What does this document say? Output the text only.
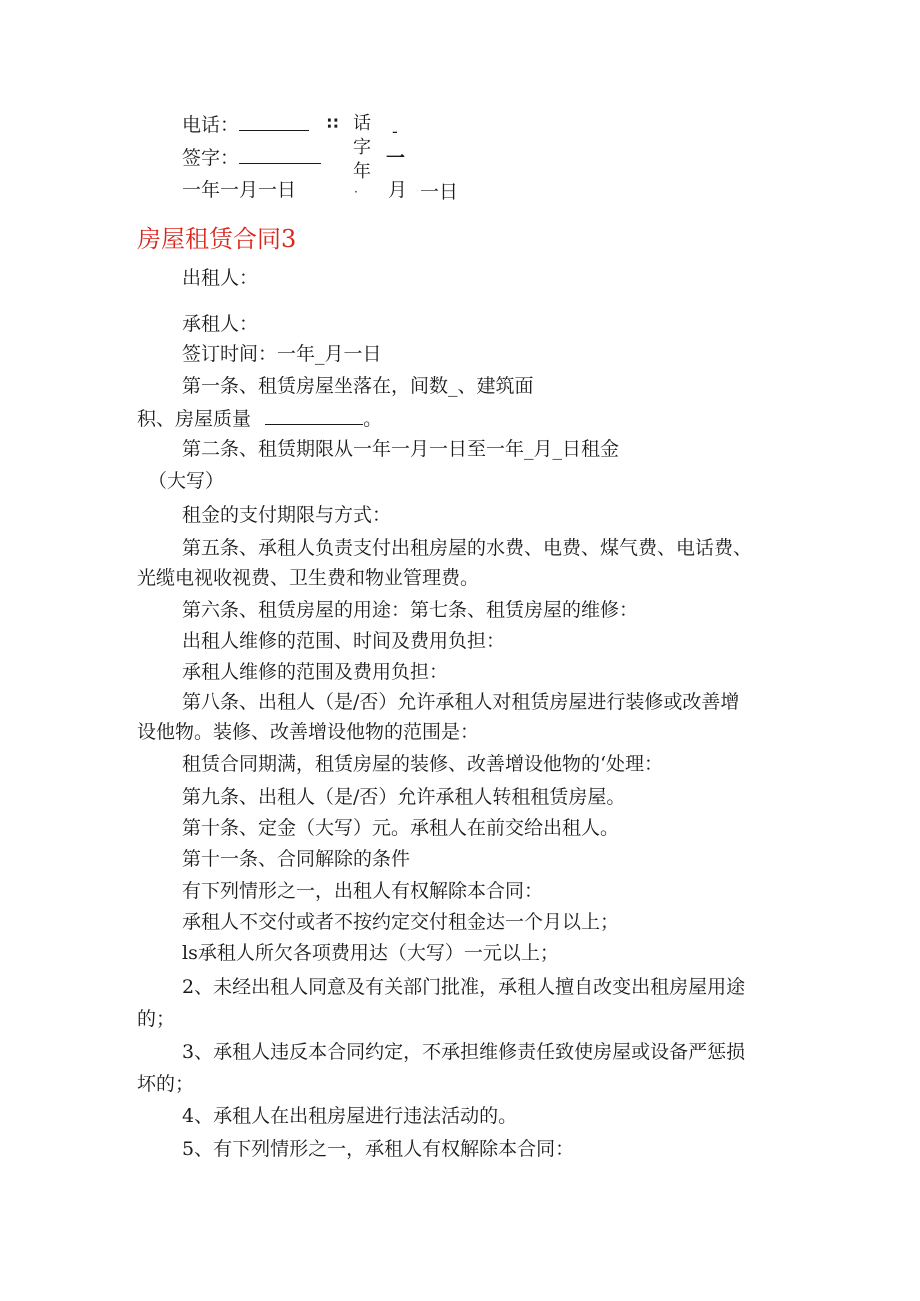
电话：
签字：
一年一月一日
∷ 话字年
·
-
一
月 一日
房屋租赁合同3
出租人：
承租人：
签订时间：一年_月一日
第一条、租赁房屋坐落在，间数_、建筑面
积、房屋质量	。
第二条、租赁期限从一年一月一日至一年_月_日租金
（大写）
租金的支付期限与方式：
第五条、承租人负责支付出租房屋的水费、电费、煤气费、电话费、
光缆电视收视费、卫生费和物业管理费。
第六条、租赁房屋的用途：第七条、租赁房屋的维修：
出租人维修的范围、时间及费用负担：
承租人维修的范围及费用负担：
第八条、出租人（是/否）允许承租人对租赁房屋进行装修或改善增
设他物。装修、改善增设他物的范围是：
租赁合同期满，租赁房屋的装修、改善增设他物的‘处理：
第九条、出租人（是/否）允许承租人转租租赁房屋。
第十条、定金（大写）元。承租人在前交给出租人。
第十一条、合同解除的条件
有下列情形之一，出租人有权解除本合同：
承租人不交付或者不按约定交付租金达一个月以上；
ls承租人所欠各项费用达（大写）一元以上；
2、未经出租人同意及有关部门批准，承租人擅自改变出租房屋用途
的；
3、承租人违反本合同约定，不承担维修责任致使房屋或设备严惩损
坏的；
4、承租人在出租房屋进行违法活动的。
5、有下列情形之一，承租人有权解除本合同：
